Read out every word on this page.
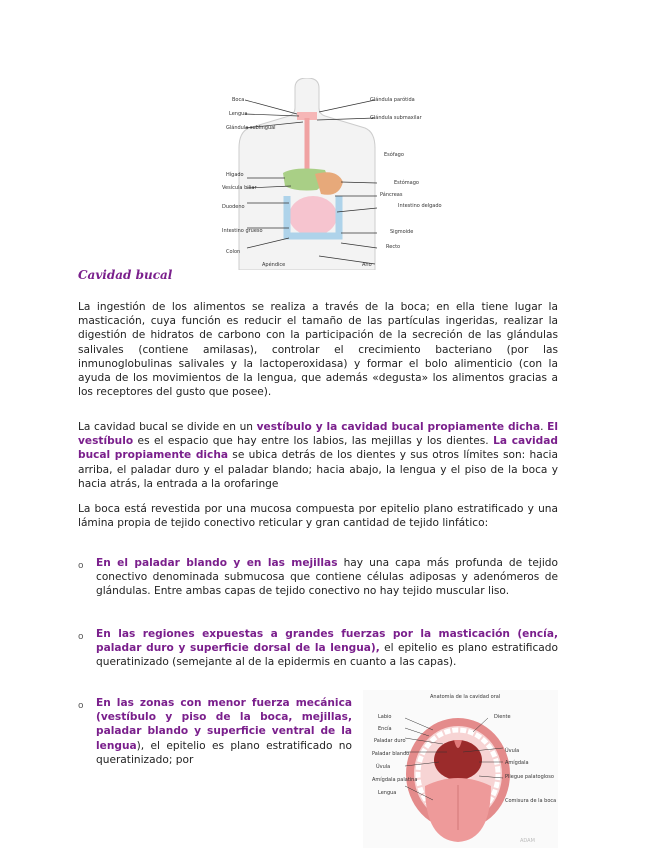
Boca
Lengua
Glándula sublingual
Hígado
Vesícula biliar
Duodeno
Intestino grueso
Colon
Apéndice
Glándula parótida
Glándula submaxilar
Esófago
Estómago
Páncreas
Intestino delgado
Sigmoide
Recto
Ano
Cavidad bucal

La ingestión de los alimentos se realiza a través de la boca; en ella tiene lugar la masticación, cuya función es reducir el tamaño de las partículas ingeridas, realizar la digestión de hidratos de carbono con la participación de la secreción de las glándulas salivales (contiene amilasas), controlar el crecimiento bacteriano (por las inmunoglobulinas salivales y la lactoperoxidasa) y formar el bolo alimenticio (con la ayuda de los movimientos de la lengua, que además «degusta» los alimentos gracias a los receptores del gusto que posee).

La cavidad bucal se divide en un vestíbulo y la cavidad bucal propiamente dicha. El vestíbulo es el espacio que hay entre los labios, las mejillas y los dientes. La cavidad bucal propiamente dicha se ubica detrás de los dientes y sus otros límites son: hacia arriba, el paladar duro y el paladar blando; hacia abajo, la lengua y el piso de la boca y hacia atrás, la entrada a la orofaringe

La boca está revestida por una mucosa compuesta por epitelio plano estratificado y una lámina propia de tejido conectivo reticular y gran cantidad de tejido linfático:

o En el paladar blando y en las mejillas hay una capa más profunda de tejido conectivo denominada submucosa que contiene células adiposas y adenómeros de glándulas. Entre ambas capas de tejido conectivo no hay tejido muscular liso.

o En las regiones expuestas a grandes fuerzas por la masticación (encía, paladar duro y superficie dorsal de la lengua), el epitelio es plano estratificado queratinizado (semejante al de la epidermis en cuanto a las capas).

o En las zonas con menor fuerza mecánica (vestíbulo y piso de la boca, mejillas, paladar blando y superficie ventral de la lengua), el epitelio es plano estratificado no queratinizado; por

Anatomía de la cavidad oral
Labio
Encía
Paladar duro
Paladar blando
Úvula
Amígdala palatina
Lengua
Diente
Úvula
Amígdala
Pliegue palatogloso
Comisura de la boca
ADAM
